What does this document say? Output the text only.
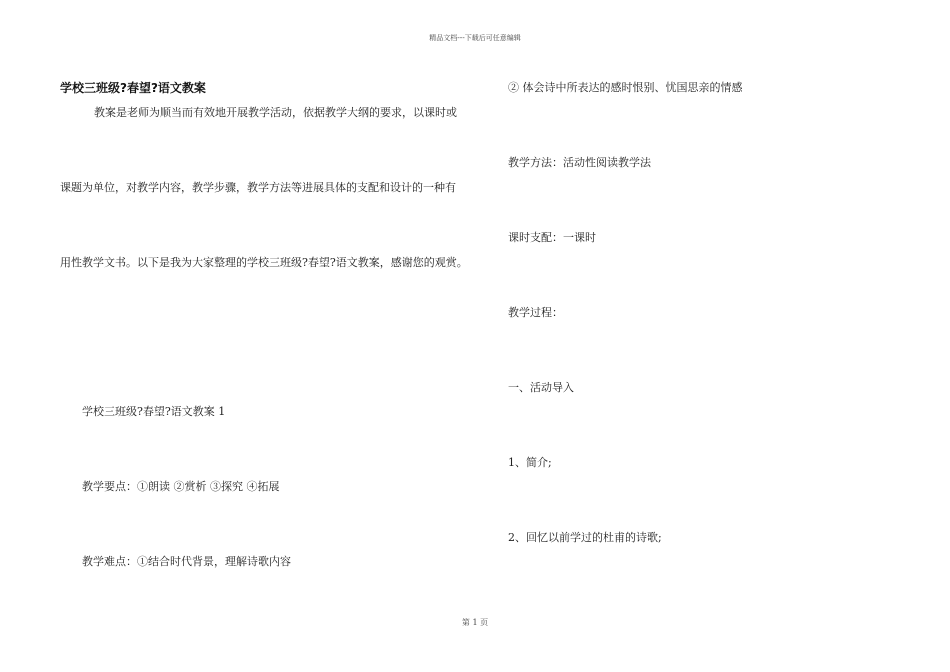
精品文档---下载后可任意编辑
学校三班级?春望?语文教案
教案是老师为顺当而有效地开展教学活动，依据教学大纲的要求，以课时或
课题为单位，对教学内容，教学步骤，教学方法等进展具体的支配和设计的一种有
用性教学文书。以下是我为大家整理的学校三班级?春望?语文教案，感谢您的观赏。
学校三班级?春望?语文教案 1
教学要点：①朗读 ②赏析 ③探究 ④拓展
教学难点：①结合时代背景，理解诗歌内容
② 体会诗中所表达的感时恨别、忧国思亲的情感
教学方法：活动性阅读教学法
课时支配：一课时
教学过程：
一、活动导入
1、简介;
2、回忆以前学过的杜甫的诗歌;
第 1 页
